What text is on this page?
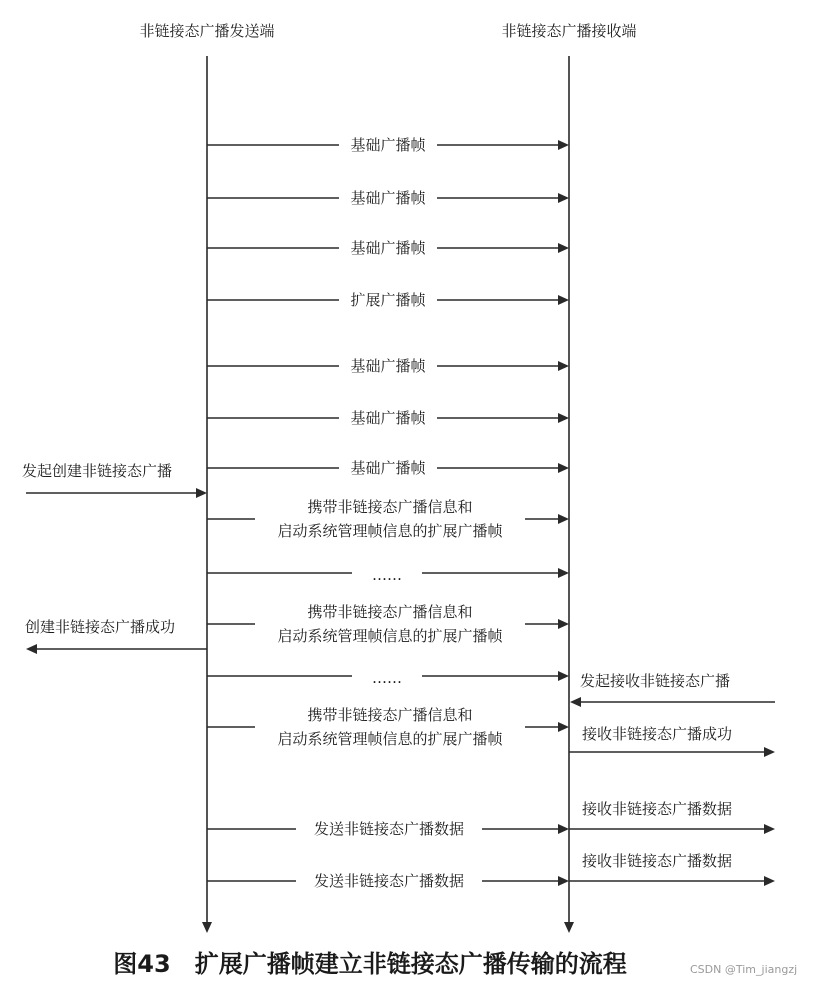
非链接态广播发送端	非链接态广播接收端
基础广播帧
基础广播帧
基础广播帧
扩展广播帧
基础广播帧
基础广播帧
基础广播帧
携带非链接态广播信息和
启动系统管理帧信息的扩展广播帧
……
携带非链接态广播信息和
启动系统管理帧信息的扩展广播帧
……
携带非链接态广播信息和
启动系统管理帧信息的扩展广播帧
发送非链接态广播数据
发送非链接态广播数据
发起创建非链接态广播
创建非链接态广播成功
发起接收非链接态广播
接收非链接态广播成功
接收非链接态广播数据
接收非链接态广播数据
图43　扩展广播帧建立非链接态广播传输的流程	CSDN @Tim_jiangzj
